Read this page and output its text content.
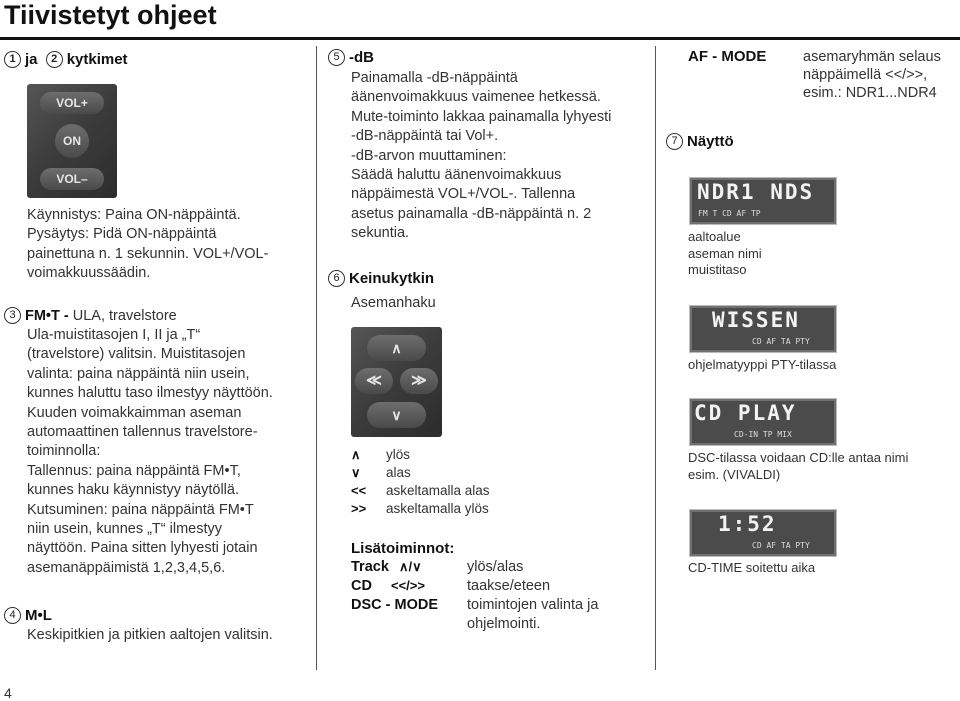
Tiivistetyt ohjeet
1 ja 2 kytkimet
VOL+
ON
VOL–
Käynnistys: Paina ON-näppäintä.
Pysäytys: Pidä ON-näppäintä
painettuna n. 1 sekunnin. VOL+/VOL-
voimakkuussäädin.
3 FM•T - ULA, travelstore
Ula-muistitasojen I, II ja „T“
(travelstore) valitsin. Muistitasojen
valinta: paina näppäintä niin usein,
kunnes haluttu taso ilmestyy näyttöön.
Kuuden voimakkaimman aseman
automaattinen tallennus travelstore-
toiminnolla:
Tallennus: paina näppäintä FM•T,
kunnes haku käynnistyy näytöllä.
Kutsuminen: paina näppäintä FM•T
niin usein, kunnes „T“ ilmestyy
näyttöön. Paina sitten lyhyesti jotain
asemanäppäimistä 1,2,3,4,5,6.
4 M•L
Keskipitkien ja pitkien aaltojen valitsin.
5 -dB
Painamalla -dB-näppäintä
äänenvoimakkuus vaimenee hetkessä.
Mute-toiminto lakkaa painamalla lyhyesti
-dB-näppäintä tai Vol+.
-dB-arvon muuttaminen:
Säädä haluttu äänenvoimakkuus
näppäimestä VOL+/VOL-. Tallenna
asetus painamalla -dB-näppäintä n. 2
sekuntia.
6 Keinukytkin
Asemanhaku
∧
≪	≫
∨
∧ ylös
∨ alas
<< askeltamalla alas
>> askeltamalla ylös
Lisätoiminnot:
Track ∧/∨	ylös/alas
CD <</>>	taakse/eteen
DSC - MODE toimintojen valinta ja
ohjelmointi.
AF - MODE	asemaryhmän selaus
näppäimellä <</>>,
esim.: NDR1...NDR4
7 Näyttö
NDR1 NDS
FM T CD AF TP
aaltoalue
aseman nimi
muistitaso
WISSEN
CD AF TA PTY
ohjelmatyyppi PTY-tilassa
CD PLAY
CD-IN TP MIX
DSC-tilassa voidaan CD:lle antaa nimi
esim. (VIVALDI)
1:52
CD AF TA PTY
CD-TIME soitettu aika
4
